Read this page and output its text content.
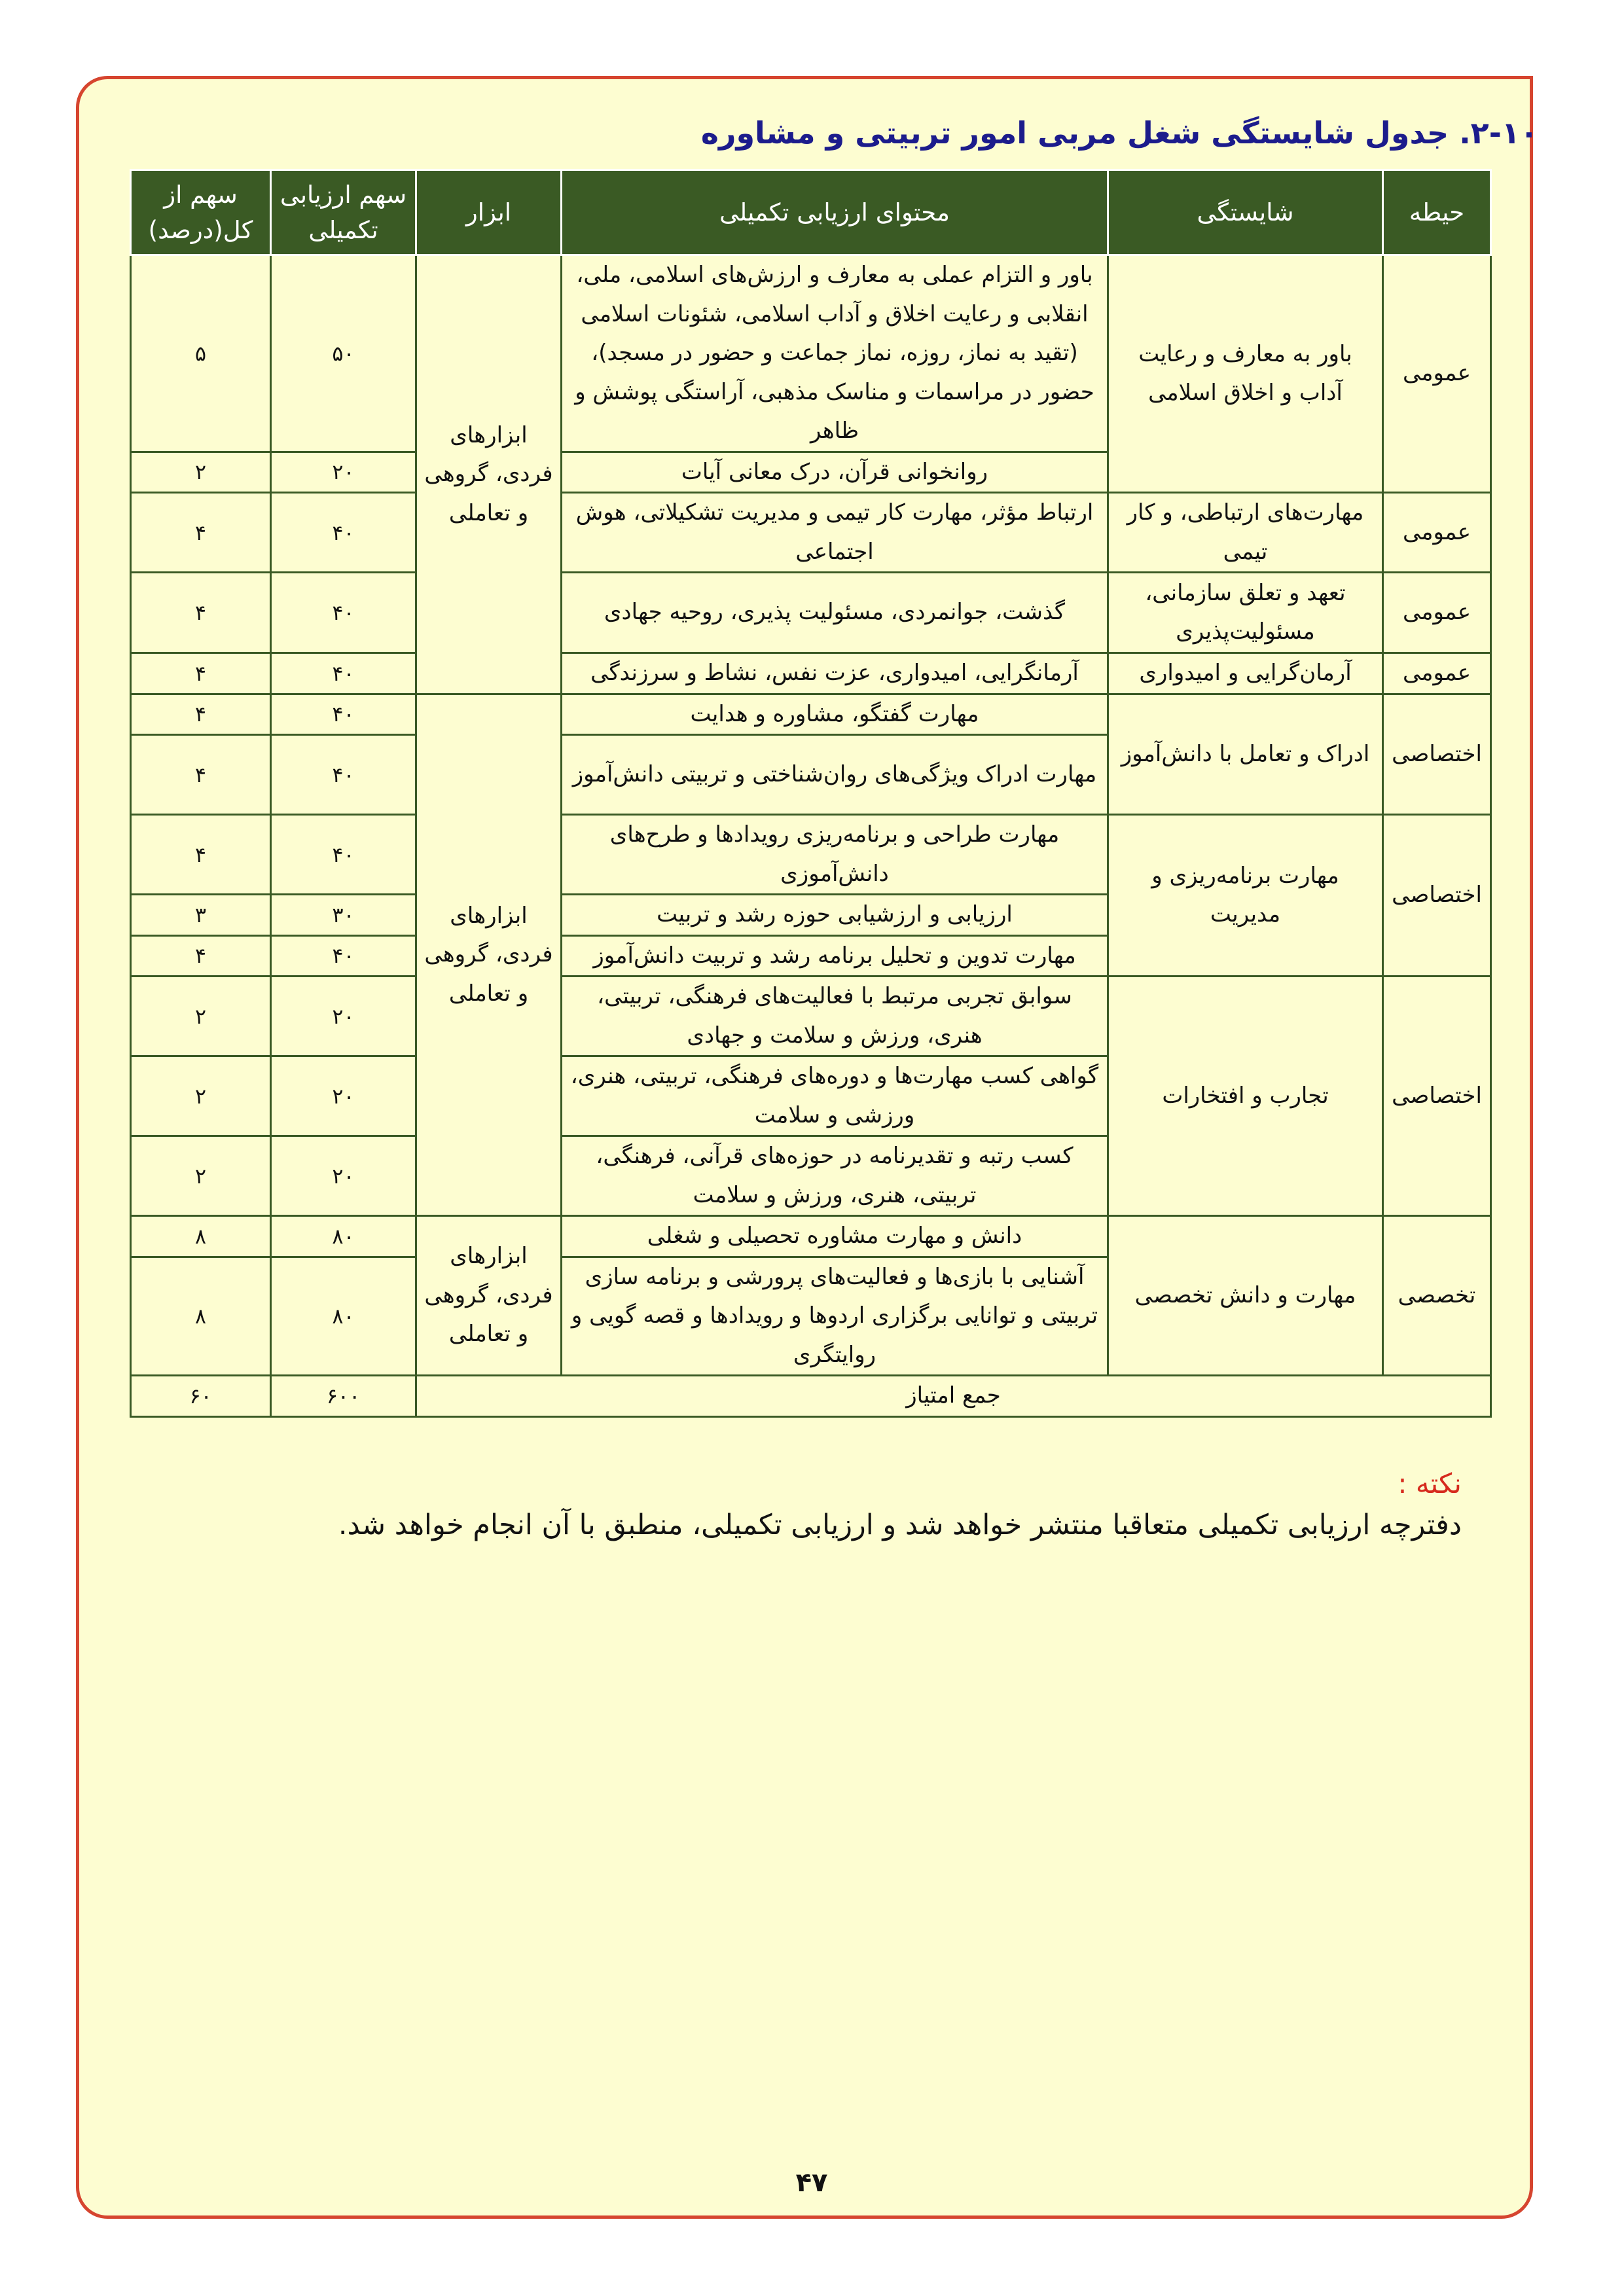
۲-۱۰. جدول شایستگی شغل مربی امور تربیتی و مشاوره
حیطه	شایستگی	محتوای ارزیابی تکمیلی	ابزار	سهم ارزیابی تکمیلی	سهم از کل(درصد)
عمومی	باور به معارف و رعایت آداب و اخلاق اسلامی	باور و التزام عملی به معارف و ارزش‌های اسلامی، ملی، انقلابی و رعایت اخلاق و آداب اسلامی، شئونات اسلامی (تقید به نماز، روزه، نماز جماعت و حضور در مسجد)، حضور در مراسمات و مناسک مذهبی، آراستگی پوشش و ظاهر	ابزارهای فردی، گروهی و تعاملی	۵۰	۵
		روانخوانی قرآن، درک معانی آیات		۲۰	۲
عمومی	مهارت‌های ارتباطی، و کار تیمی	ارتباط مؤثر، مهارت کار تیمی و مدیریت تشکیلاتی، هوش اجتماعی		۴۰	۴
عمومی	تعهد و تعلق سازمانی، مسئولیت‌پذیری	گذشت، جوانمردی، مسئولیت پذیری، روحیه جهادی		۴۰	۴
عمومی	آرمان‌گرایی و امیدواری	آرمانگرایی، امیدواری، عزت نفس، نشاط و سرزندگی		۴۰	۴
اختصاصی	ادراک و تعامل با دانش‌آموز	مهارت گفتگو، مشاوره و هدایت	ابزارهای فردی، گروهی و تعاملی	۴۰	۴
		مهارت ادراک ویژگی‌های روان‌شناختی و تربیتی دانش‌آموز		۴۰	۴
اختصاصی	مهارت برنامه‌ریزی و مدیریت	مهارت طراحی و برنامه‌ریزی رویدادها و طرح‌های دانش‌آموزی		۴۰	۴
		ارزیابی و ارزشیابی حوزه رشد و تربیت		۳۰	۳
		مهارت تدوین و تحلیل برنامه رشد و تربیت دانش‌آموز		۴۰	۴
اختصاصی	تجارب و افتخارات	سوابق تجربی مرتبط با فعالیت‌های فرهنگی، تربیتی، هنری، ورزش و سلامت و جهادی		۲۰	۲
		گواهی کسب مهارت‌ها و دوره‌های فرهنگی، تربیتی، هنری، ورزشی و سلامت		۲۰	۲
		کسب رتبه و تقدیرنامه در حوزه‌های قرآنی، فرهنگی، تربیتی، هنری، ورزش و سلامت		۲۰	۲
تخصصی	مهارت و دانش تخصصی	دانش و مهارت مشاوره تحصیلی و شغلی	ابزارهای فردی، گروهی و تعاملی	۸۰	۸
		آشنایی با بازی‌ها و فعالیت‌های پرورشی و برنامه سازی تربیتی و توانایی برگزاری اردوها و رویدادها و قصه گویی و روایتگری		۸۰	۸
جمع امتیاز				۶۰۰	۶۰
نکته :
دفترچه ارزیابی تکمیلی متعاقبا منتشر خواهد شد و ارزیابی تکمیلی، منطبق با آن انجام خواهد شد.
۴۷
